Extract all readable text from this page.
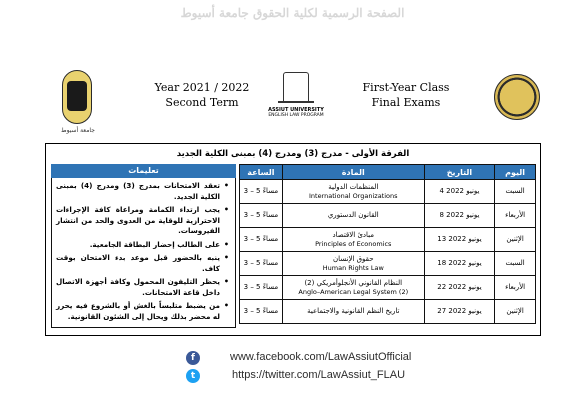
الصفحة الرسمية لكلية الحقوق جامعة أسيوط
جامعة أسيوط
Year 2021 / 2022
Second Term
ASSIUT UNIVERSITY
ENGLISH LAW PROGRAM
First-Year Class
Final Exams
الفرقة الأولى - مدرج (3) ومدرج (4) بمبنى الكلية الجديد
تعليمات
• تعقد الامتحانات بمدرج (3) ومدرج (4) بمبنى الكلية الجديد.
• يجب ارتداء الكمامة ومراعاة كافة الإجراءات الاحترازية للوقاية من العدوى والحد من انتشار الفيروسات.
• على الطالب إحضار البطاقة الجامعية.
• ينبه بالحضور قبل موعد بدء الامتحان بوقت كاف.
• يحظر التليفون المحمول وكافة أجهزة الاتصال داخل قاعة الامتحانات.
• من يضبط متلبساً بالغش أو بالشروع فيه يحرر له محضر بذلك ويحال إلى الشئون القانونية.
الساعة	المادة	التاريخ	اليوم
3 – 5 مساءً	المنظمات الدولية
International Organizations	4 يونيو 2022	السبت
3 – 5 مساءً	القانون الدستوري	8 يونيو 2022	الأربعاء
3 – 5 مساءً	مبادئ الاقتصاد
Principles of Economics	13 يونيو 2022	الإثنين
3 – 5 مساءً	حقوق الإنسان
Human Rights Law	18 يونيو 2022	السبت
3 – 5 مساءً	النظام القانوني الأنجلوأمريكي (2)
Anglo–American Legal System (2)	22 يونيو 2022	الأربعاء
3 – 5 مساءً	تاريخ النظم القانونية والاجتماعية	27 يونيو 2022	الإثنين
f	www.facebook.com/LawAssiutOfficial
t	https://twitter.com/LawAssiut_FLAU
